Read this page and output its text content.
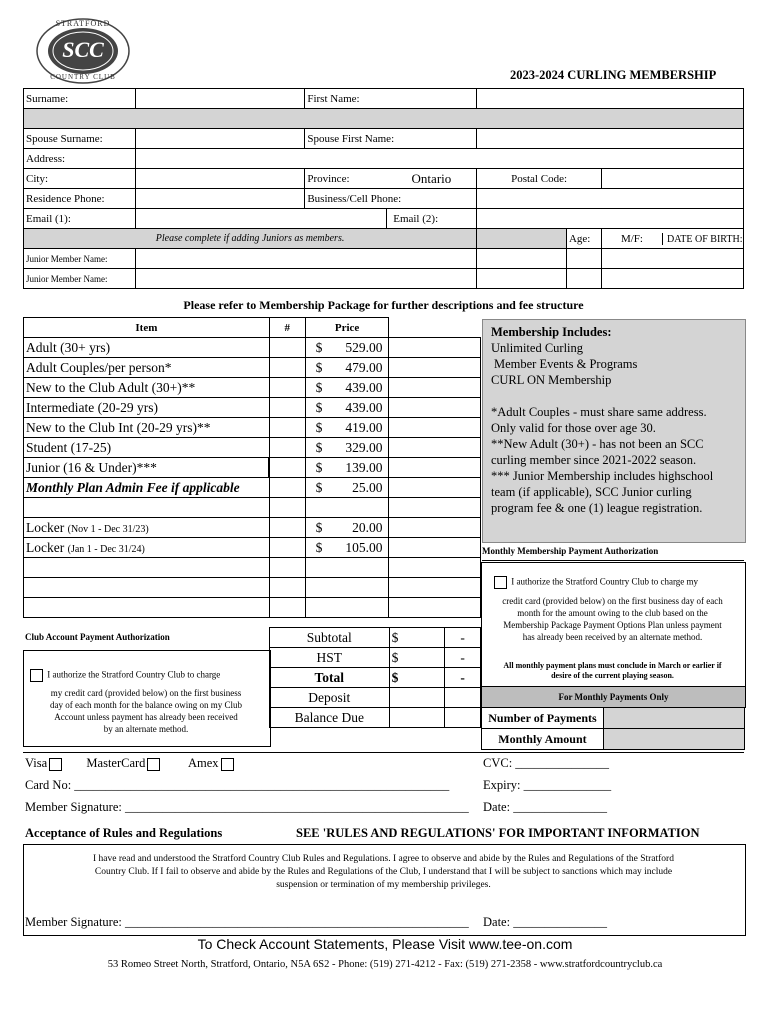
SCC
STRATFORD
COUNTRY CLUB	2023-2024 CURLING MEMBERSHIP
Surname:		First Name:				

Spouse Surname:		Spouse First Name:				
Address:						
City:		Province:	Ontario	Postal Code:		
Residence Phone:		Business/Cell Phone:				
Email (1):			Email (2):			
Please complete if adding Juniors as members.					Age:	M/F: DATE OF BIRTH:
Junior Member Name:						
Junior Member Name:						
Please refer to Membership Package for further descriptions and fee structure
Item	#	Price	
Adult (30+ yrs)		$ 529.00	

Adult Couples/per person*		$ 479.00	

New to the Club Adult (30+)**		$ 439.00	

Intermediate (20-29 yrs)		$ 439.00	

New to the Club Int (20-29 yrs)**		$ 419.00	

Student (17-25)		$ 329.00	

Junior (16 & Under)***		$ 139.00	

Monthly Plan Admin Fee if applicable		$ 25.00	

Locker (Nov 1 - Dec 31/23)		$ 20.00	

Locker (Jan 1 - Dec 31/24)		$ 105.00	

Membership Includes:
Unlimited Curling
Member Events & Programs
CURL ON Membership
*Adult Couples - must share same address.
Only valid for those over age 30.
**New Adult (30+) - has not been an SCC
curling member since 2021-2022 season.
*** Junior Membership includes highschool
team (if applicable), SCC Junior curling
program fee & one (1) league registration.
Monthly Membership Payment Authorization
I authorize the Stratford Country Club to charge my
credit card (provided below) on the first business day of each
month for the amount owing to the club based on the
Membership Package Payment Options Plan unless payment
has already been received by an alternate method.
All monthly payment plans must conclude in March or earlier if
desire of the current playing season.
For Monthly Payments Only
Number of Payments	
Monthly Amount	
Club Account Payment Authorization
I authorize the Stratford Country Club to charge
my credit card (provided below) on the first business
day of each month for the balance owing on my Club
Account unless payment has already been received
by an alternate method.
Subtotal	$	-
HST	$	-
Total	$	-
Deposit		
Balance Due		
Visa	MasterCard	Amex	CVC: _______________
Card No: ____________________________________________________________	Expiry: ______________
Member Signature: _______________________________________________________ Date: _______________
Acceptance of Rules and Regulations	SEE 'RULES AND REGULATIONS' FOR IMPORTANT INFORMATION
I have read and understood the Stratford Country Club Rules and Regulations. I agree to observe and abide by the Rules and Regulations of the Stratford
Country Club. If I fail to observe and abide by the Rules and Regulations of the Club, I understand that I will be subject to sanctions which may include
suspension or termination of my membership privileges.
Member Signature: _______________________________________________________ Date: _______________
To Check Account Statements, Please Visit www.tee-on.com
53 Romeo Street North, Stratford, Ontario, N5A 6S2 - Phone: (519) 271-4212 - Fax: (519) 271-2358 - www.stratfordcountryclub.ca
